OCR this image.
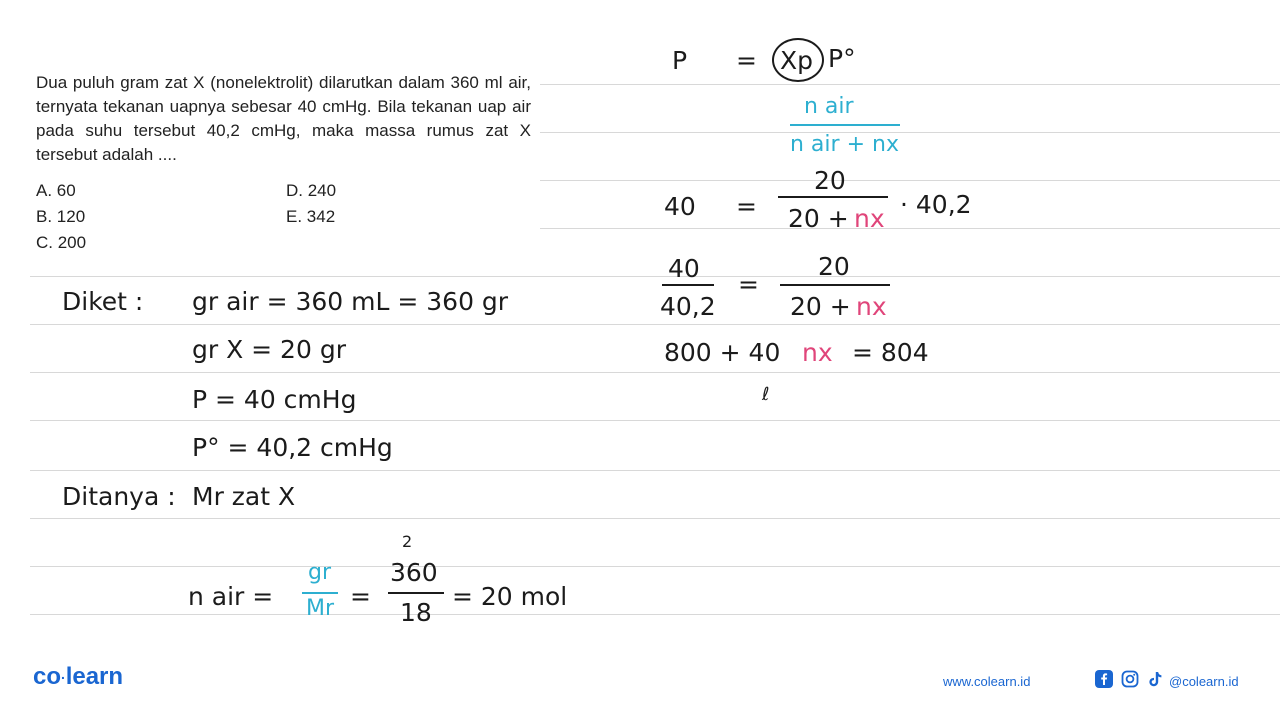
Dua puluh gram zat X (nonelektrolit) dilarutkan dalam 360 ml air, ternyata tekanan uapnya sebesar 40 cmHg. Bila tekanan uap air pada suhu tersebut 40,2 cmHg, maka massa rumus zat X tersebut adalah ....
A. 60
B. 120
C. 200
D. 240
E. 342
Diket : gr air = 360 mL = 360 gr
gr X = 20 gr
P = 40 cmHg
P° = 40,2 cmHg
Ditanya : Mr zat X
n air =
gr
Mr =
2
360
18
= 20 mol
P = Xp P°
n air
n air + nx
40 =
20
20 + nx · 40,2
40
40,2
=
20
20 + nx
800 + 40 nx = 804
ℓ
co·learn	www.colearn.id	@colearn.id
